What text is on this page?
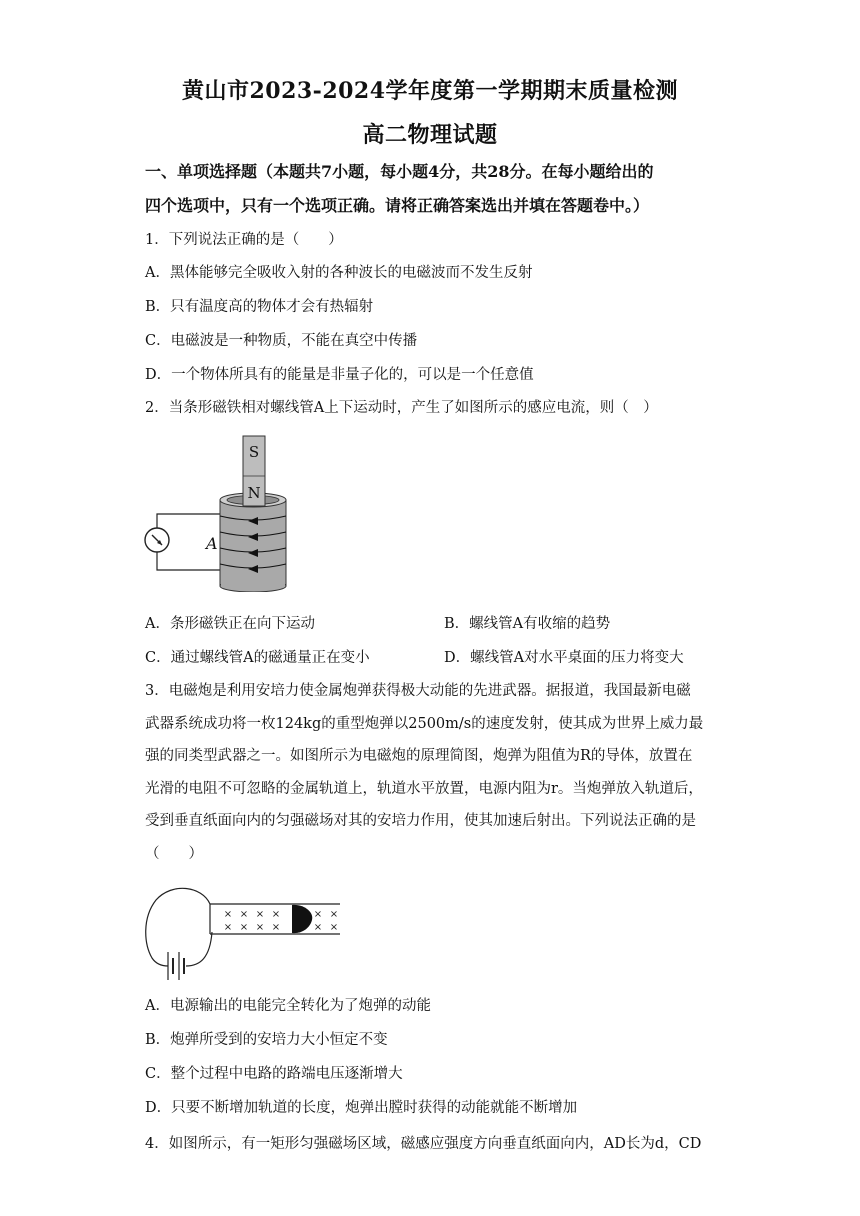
黄山市2023-2024学年度第一学期期末质量检测
高二物理试题
一、单项选择题（本题共7小题，每小题4分，共28分。在每小题给出的
四个选项中，只有一个选项正确。请将正确答案选出并填在答题卷中。）
1．下列说法正确的是（　　）
A．黑体能够完全吸收入射的各种波长的电磁波而不发生反射
B．只有温度高的物体才会有热辐射
C．电磁波是一种物质，不能在真空中传播
D．一个物体所具有的能量是非量子化的，可以是一个任意值
2．当条形磁铁相对螺线管A上下运动时，产生了如图所示的感应电流，则（　）
S
N
A
A．条形磁铁正在向下运动	B．螺线管A有收缩的趋势
C．通过螺线管A的磁通量正在变小	D．螺线管A对水平桌面的压力将变大
3．电磁炮是利用安培力使金属炮弹获得极大动能的先进武器。据报道，我国最新电磁
武器系统成功将一枚124kg的重型炮弹以2500m/s的速度发射，使其成为世界上威力最
强的同类型武器之一。如图所示为电磁炮的原理简图，炮弹为阻值为R的导体，放置在
光滑的电阻不可忽略的金属轨道上，轨道水平放置，电源内阻为r。当炮弹放入轨道后，
受到垂直纸面向内的匀强磁场对其的安培力作用，使其加速后射出。下列说法正确的是
（　　）
× × × ×	× ×
× × × ×	× ×
A．电源输出的电能完全转化为了炮弹的动能
B．炮弹所受到的安培力大小恒定不变
C．整个过程中电路的路端电压逐渐增大
D．只要不断增加轨道的长度，炮弹出膛时获得的动能就能不断增加
4．如图所示，有一矩形匀强磁场区域，磁感应强度方向垂直纸面向内，AD长为d，CD
